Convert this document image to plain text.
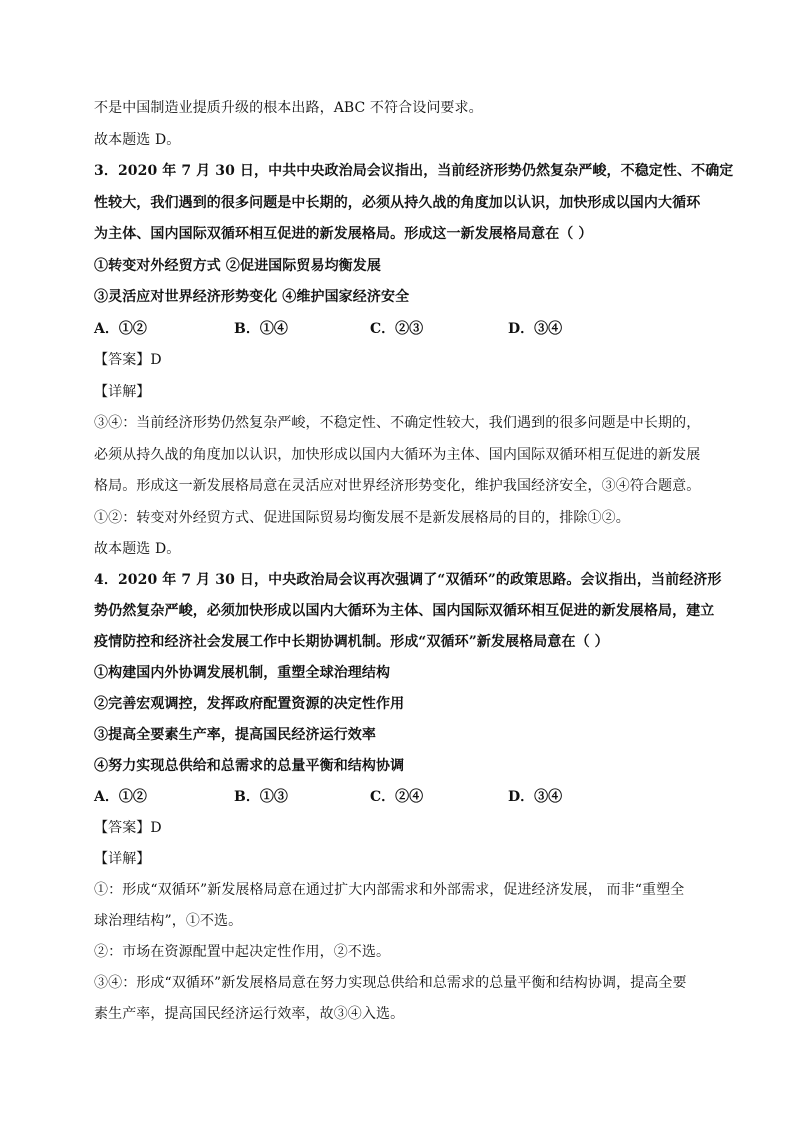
不是中国制造业提质升级的根本出路，ABC 不符合设问要求。
故本题选 D。
3．2020 年 7 月 30 日，中共中央政治局会议指出，当前经济形势仍然复杂严峻，不稳定性、不确定
性较大，我们遇到的很多问题是中长期的，必须从持久战的角度加以认识，加快形成以国内大循环
为主体、国内国际双循环相互促进的新发展格局。形成这一新发展格局意在（ ）
①转变对外经贸方式 ②促进国际贸易均衡发展
③灵活应对世界经济形势变化 ④维护国家经济安全
A．①②	B．①④	C．②③	D．③④
【答案】D
【详解】
③④：当前经济形势仍然复杂严峻，不稳定性、不确定性较大，我们遇到的很多问题是中长期的，
必须从持久战的角度加以认识，加快形成以国内大循环为主体、国内国际双循环相互促进的新发展
格局。形成这一新发展格局意在灵活应对世界经济形势变化，维护我国经济安全，③④符合题意。
①②：转变对外经贸方式、促进国际贸易均衡发展不是新发展格局的目的，排除①②。
故本题选 D。
4．2020 年 7 月 30 日，中央政治局会议再次强调了“双循环”的政策思路。会议指出，当前经济形
势仍然复杂严峻，必须加快形成以国内大循环为主体、国内国际双循环相互促进的新发展格局，建立
疫情防控和经济社会发展工作中长期协调机制。形成“双循环”新发展格局意在（ ）
①构建国内外协调发展机制，重塑全球治理结构
②完善宏观调控，发挥政府配置资源的决定性作用
③提高全要素生产率，提高国民经济运行效率
④努力实现总供给和总需求的总量平衡和结构协调
A．①②	B．①③	C．②④	D．③④
【答案】D
【详解】
①：形成“双循环”新发展格局意在通过扩大内部需求和外部需求，促进经济发展， 而非“重塑全
球治理结构”，①不选。
②：市场在资源配置中起决定性作用，②不选。
③④：形成“双循环”新发展格局意在努力实现总供给和总需求的总量平衡和结构协调，提高全要
素生产率，提高国民经济运行效率，故③④入选。
